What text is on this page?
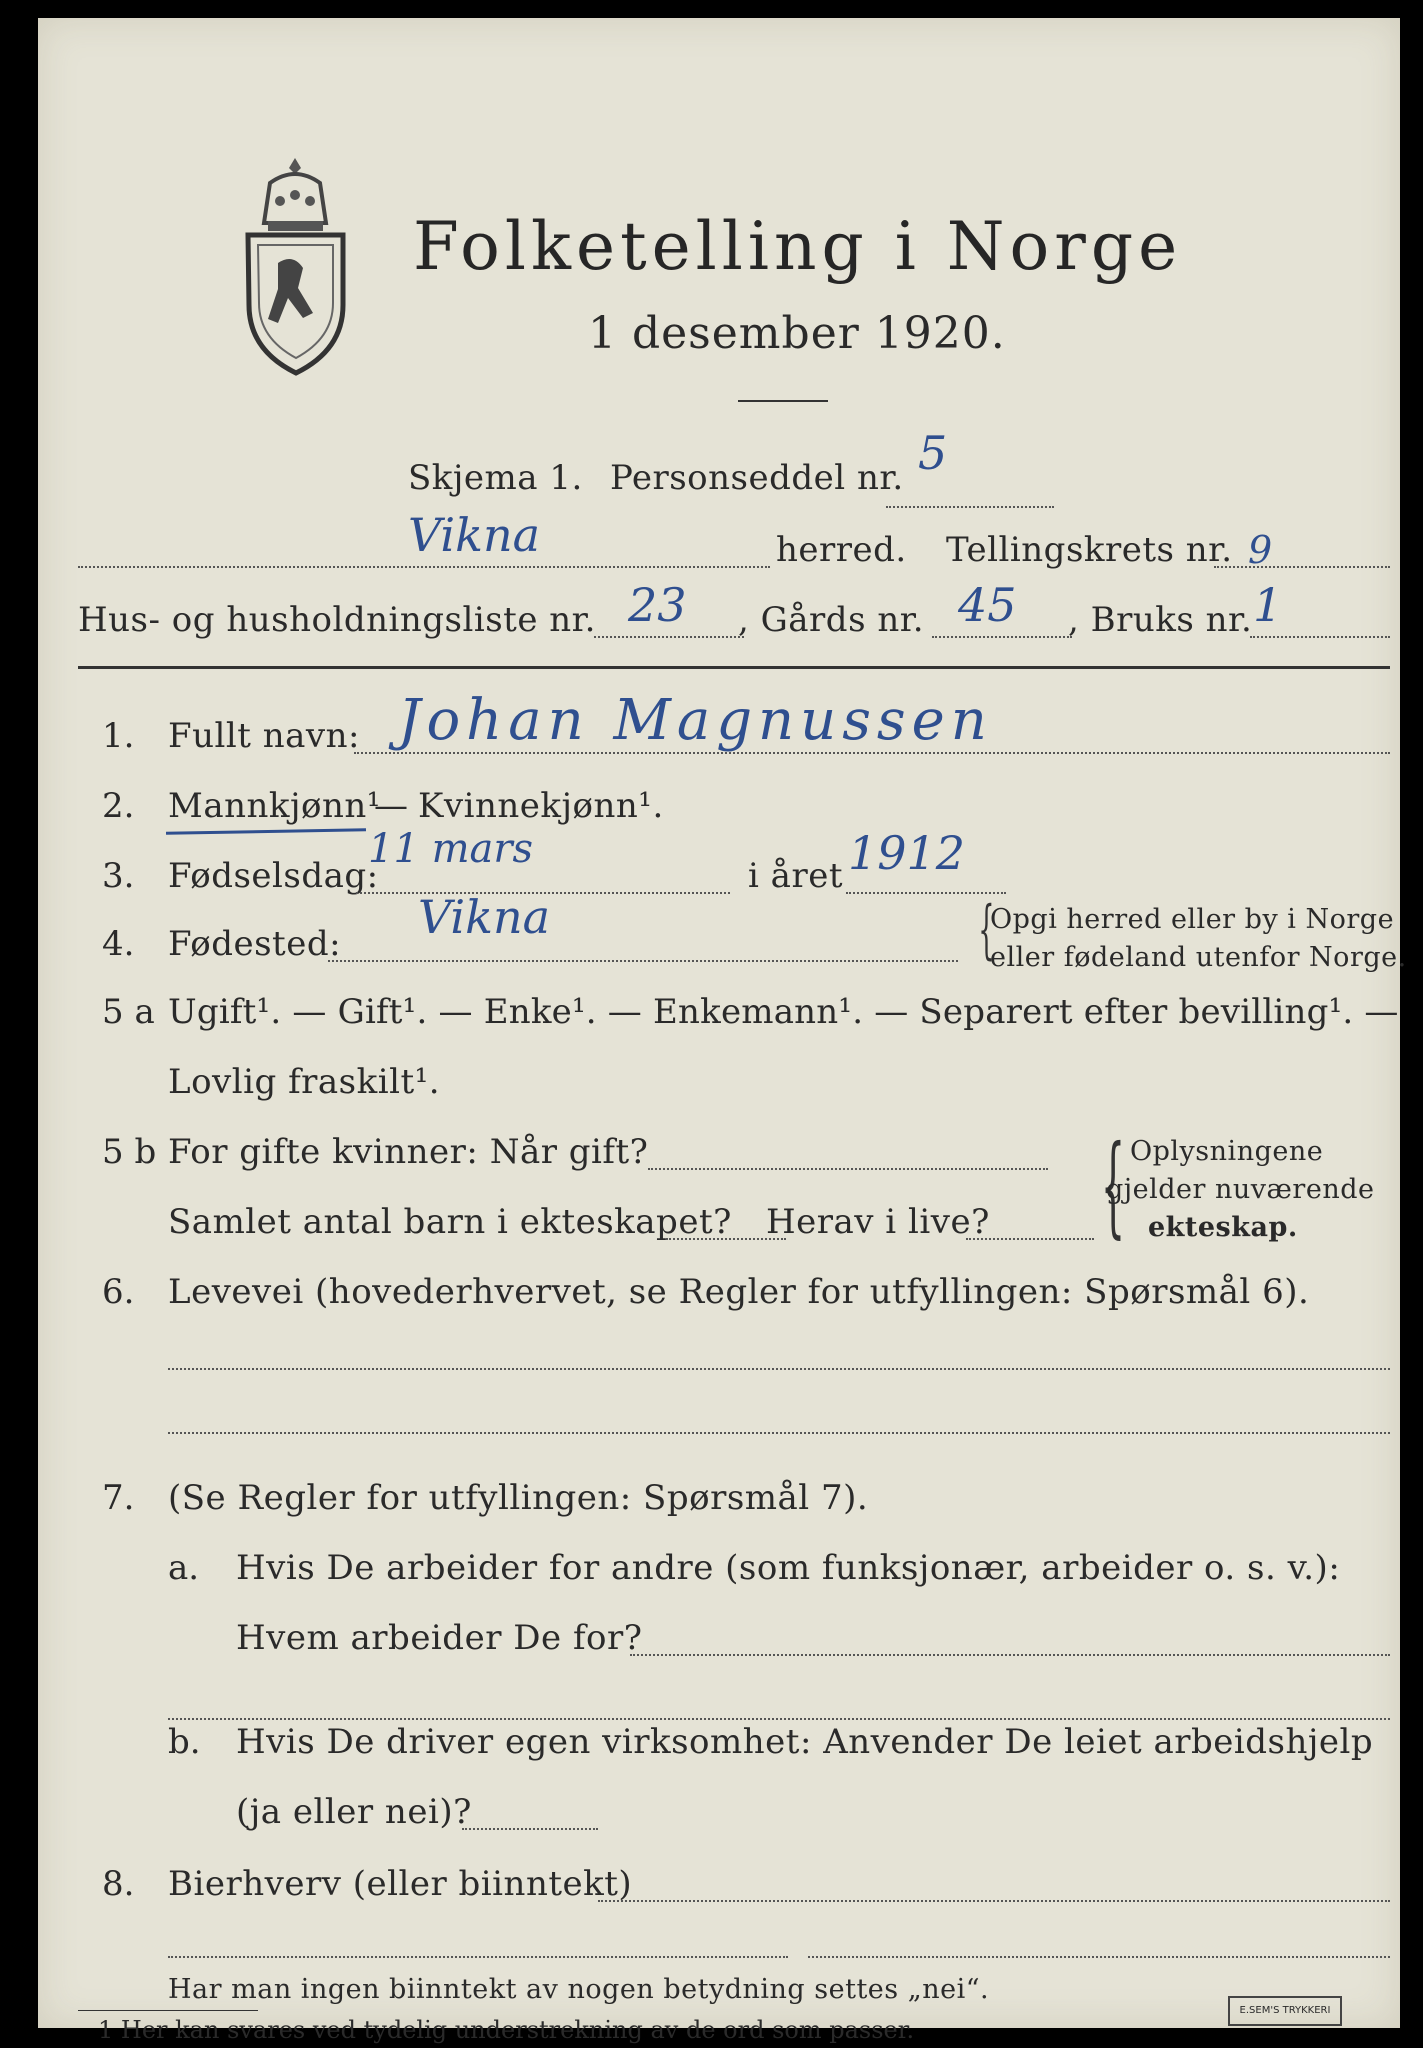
Folketelling i Norge
1 desember 1920.
Skjema 1. Personseddel nr. 5
Vikna	herred. Tellingskrets nr. 9
Hus- og husholdningsliste nr. 23 , Gårds nr. 45 , Bruks nr. 1
1. Fullt navn: Johan Magnussen
2. Mannkjønn¹
— Kvinnekjønn¹.
3. Fødselsdag:
11 mars
i året 1912
4. Fødested: Vikna	{
Opgi herred eller by i Norge
eller fødeland utenfor Norge.
5 a Ugift¹. — Gift¹. — Enke¹. — Enkemann¹. — Separert efter bevilling¹. —
Lovlig fraskilt¹.
5 b For gifte kvinner: Når gift?
Samlet antal barn i ekteskapet? Herav i live? { Oplysningene
gjelder nuværende
ekteskap.
6. Levevei (hovederhvervet, se Regler for utfyllingen: Spørsmål 6).
7. (Se Regler for utfyllingen: Spørsmål 7).
a. Hvis De arbeider for andre (som funksjonær, arbeider o. s. v.):
Hvem arbeider De for?
b. Hvis De driver egen virksomhet: Anvender De leiet arbeidshjelp
(ja eller nei)?
8. Bierhverv (eller biinntekt)
Har man ingen biinntekt av nogen betydning settes „nei“.
1 Her kan svares ved tydelig understrekning av de ord som passer.
E.SEM'S TRYKKERI
